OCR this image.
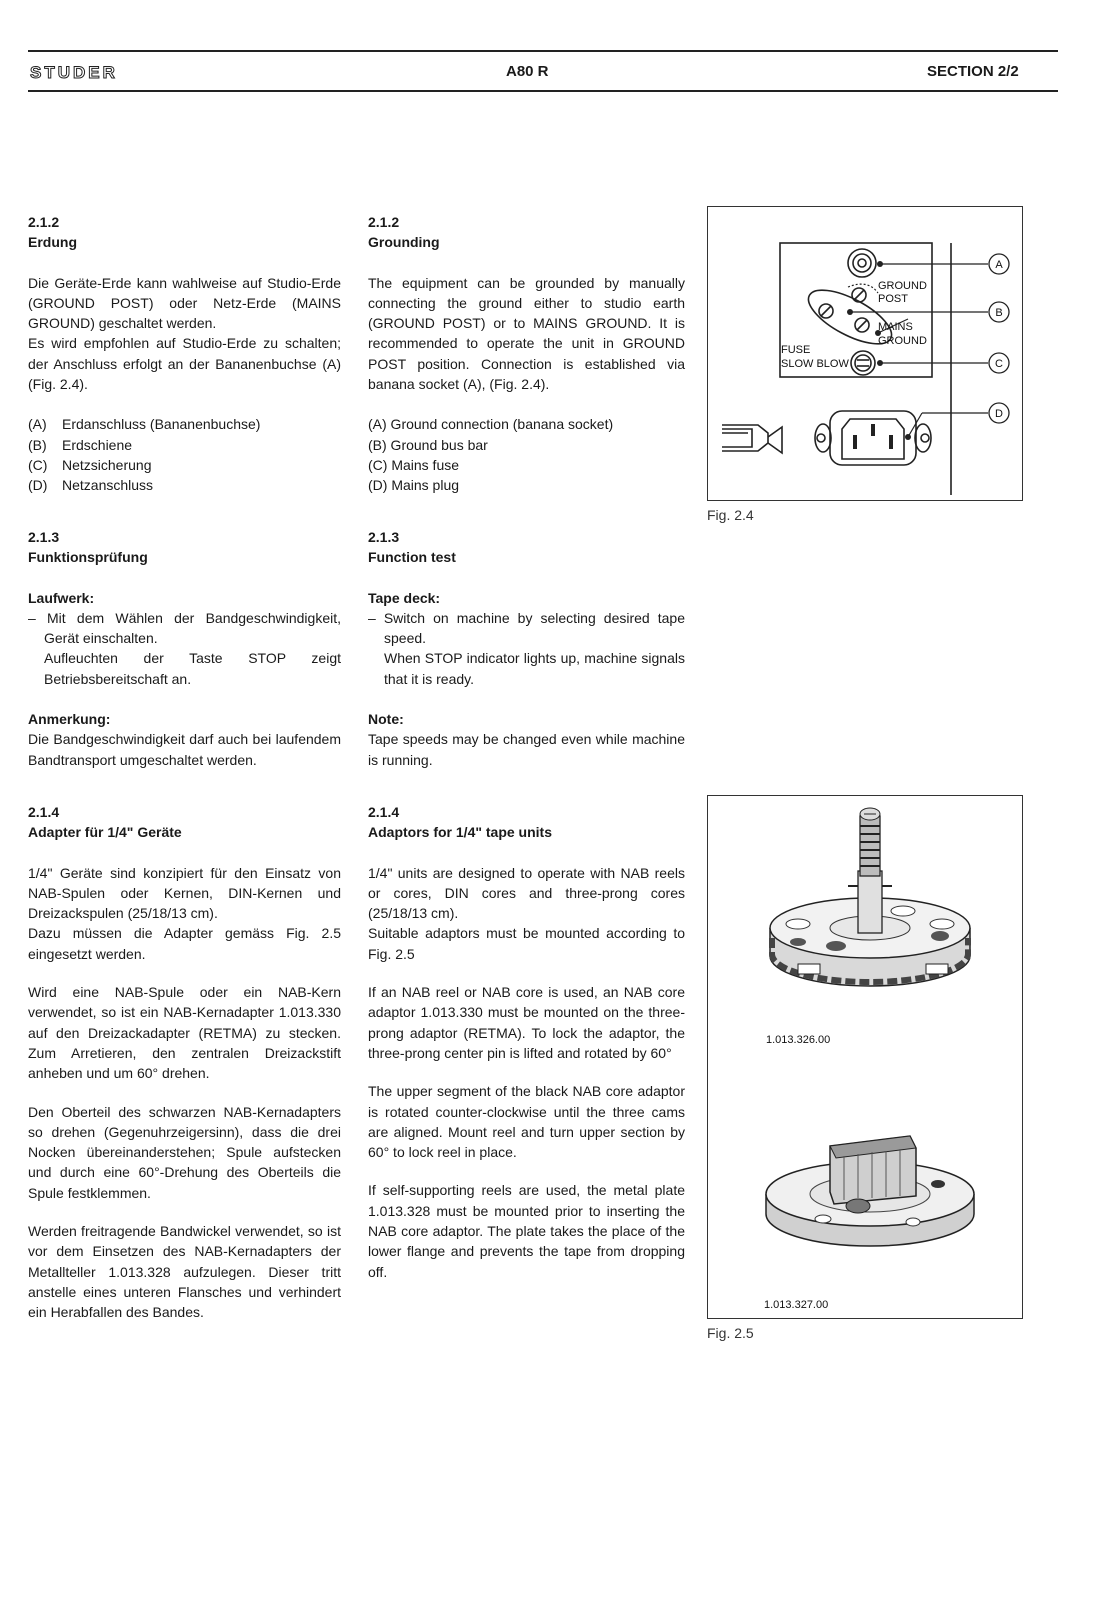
STUDER	A80 R	SECTION 2/2
2.1.2
Erdung

Die Geräte-Erde kann wahlweise auf Studio-Erde (GROUND POST) oder Netz-Erde (MAINS GROUND) geschaltet werden.

Es wird empfohlen auf Studio-Erde zu schalten; der Anschluss erfolgt an der Bananenbuchse (A) (Fig. 2.4).

(A) Erdanschluss (Bananenbuchse)
(B) Erdschiene
(C) Netzsicherung
(D) Netzanschluss
2.1.2
Grounding

The equipment can be grounded by manually connecting the ground either to studio earth (GROUND POST) or to MAINS GROUND. It is recommended to operate the unit in GROUND POST position. Connection is established via banana socket (A), (Fig. 2.4).

(A) Ground connection (banana socket)
(B) Ground bus bar
(C) Mains fuse
(D) Mains plug
GROUND
POST
MAINS
GROUND
FUSE
SLOW BLOW
A
B
C
D
Fig. 2.4
2.1.3
Funktionsprüfung
Laufwerk:

– Mit dem Wählen der Bandgeschwindigkeit, Gerät einschalten.

Aufleuchten der Taste STOP zeigt Betriebsbereitschaft an.

Anmerkung:

Die Bandgeschwindigkeit darf auch bei laufendem Bandtransport umgeschaltet werden.

2.1.3
Function test
Tape deck:

– Switch on machine by selecting desired tape speed.

When STOP indicator lights up, machine signals that it is ready.

Note:

Tape speeds may be changed even while machine is running.

2.1.4
Adapter für 1/4" Geräte

1/4" Geräte sind konzipiert für den Einsatz von NAB-Spulen oder Kernen, DIN-Kernen und Dreizackspulen (25/18/13 cm).

Dazu müssen die Adapter gemäss Fig. 2.5 eingesetzt werden.

Wird eine NAB-Spule oder ein NAB-Kern verwendet, so ist ein NAB-Kernadapter 1.013.330 auf den Dreizackadapter (RETMA) zu stecken. Zum Arretieren, den zentralen Dreizackstift anheben und um 60° drehen.

Den Oberteil des schwarzen NAB-Kernadapters so drehen (Gegenuhrzeigersinn), dass die drei Nocken übereinanderstehen; Spule aufstecken und durch eine 60°-Drehung des Oberteils die Spule festklemmen.

Werden freitragende Bandwickel verwendet, so ist vor dem Einsetzen des NAB-Kernadapters der Metallteller 1.013.328 aufzulegen. Dieser tritt anstelle eines unteren Flansches und verhindert ein Herabfallen des Bandes.

2.1.4
Adaptors for 1/4" tape units

1/4" units are designed to operate with NAB reels or cores, DIN cores and three-prong cores (25/18/13 cm).

Suitable adaptors must be mounted according to Fig. 2.5

If an NAB reel or NAB core is used, an NAB core adaptor 1.013.330 must be mounted on the three-prong adaptor (RETMA). To lock the adaptor, the three-prong center pin is lifted and rotated by 60°

The upper segment of the black NAB core adaptor is rotated counter-clockwise until the three cams are aligned. Mount reel and turn upper section by 60° to lock reel in place.

If self-supporting reels are used, the metal plate 1.013.328 must be mounted prior to inserting the NAB core adaptor. The plate takes the place of the lower flange and prevents the tape from dropping off.

1.013.326.00
1.013.327.00
Fig. 2.5
